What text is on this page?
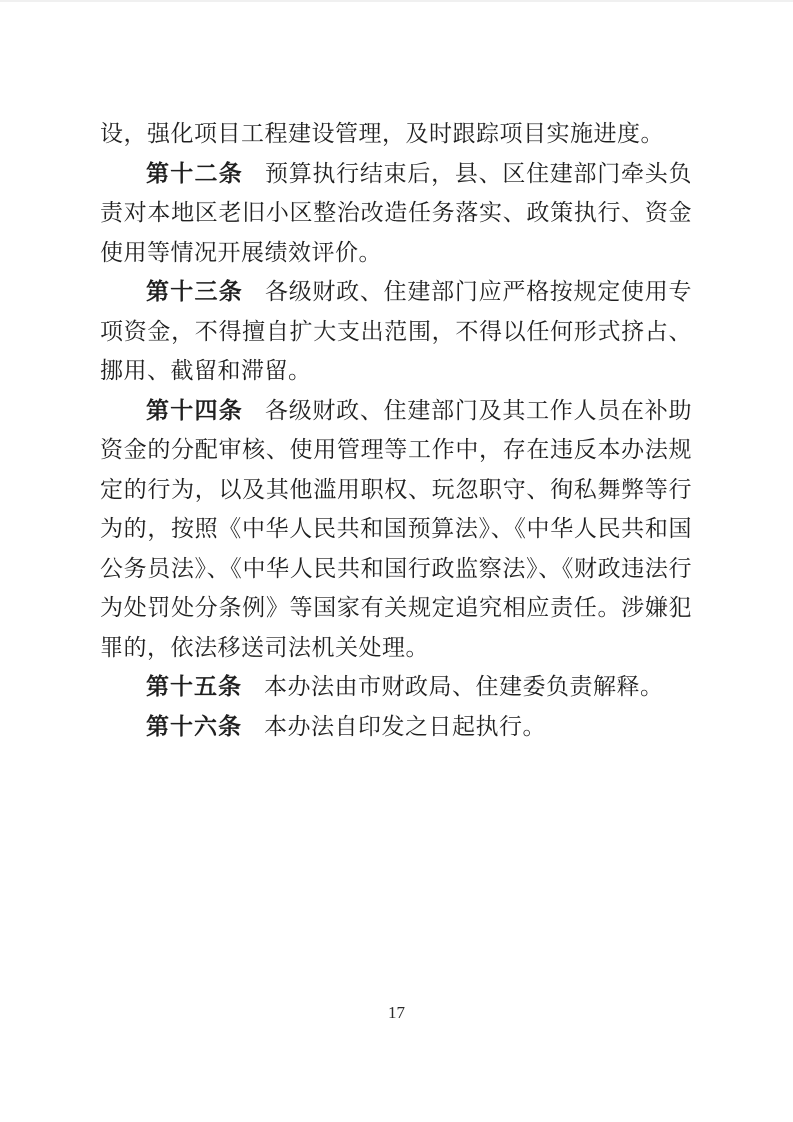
设，强化项目工程建设管理，及时跟踪项目实施进度。

第十二条 预算执行结束后，县、区住建部门牵头负责对本地区老旧小区整治改造任务落实、政策执行、资金使用等情况开展绩效评价。

第十三条 各级财政、住建部门应严格按规定使用专项资金，不得擅自扩大支出范围，不得以任何形式挤占、挪用、截留和滞留。

第十四条 各级财政、住建部门及其工作人员在补助资金的分配审核、使用管理等工作中，存在违反本办法规定的行为，以及其他滥用职权、玩忽职守、徇私舞弊等行为的，按照《中华人民共和国预算法》、《中华人民共和国公务员法》、《中华人民共和国行政监察法》、《财政违法行为处罚处分条例》等国家有关规定追究相应责任。涉嫌犯罪的，依法移送司法机关处理。

第十五条 本办法由市财政局、住建委负责解释。

第十六条 本办法自印发之日起执行。

17
